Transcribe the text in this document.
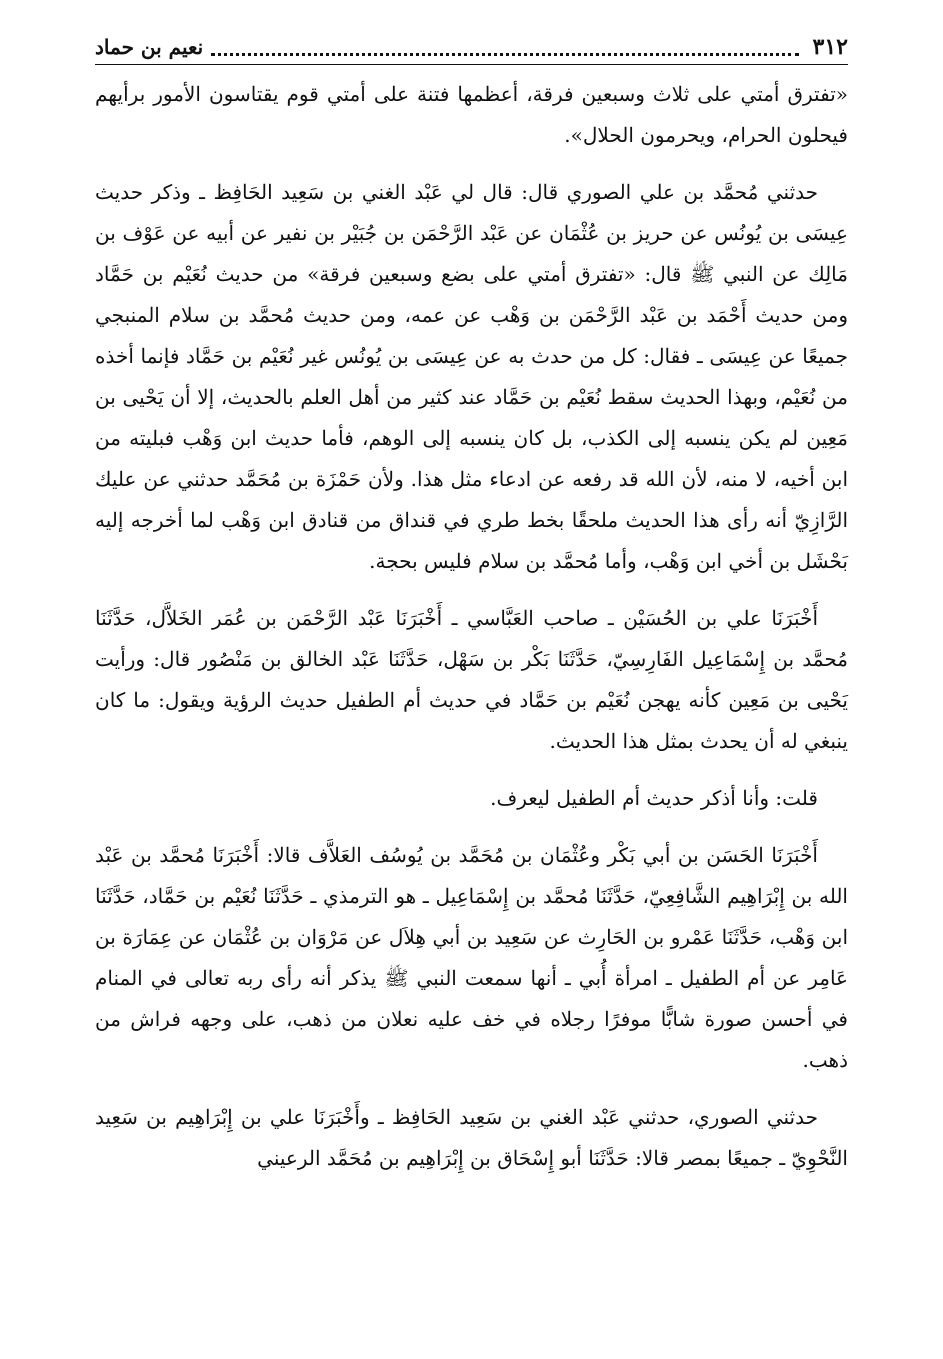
٣١٢
نعيم بن حماد

«تفترق أمتي على ثلاث وسبعين فرقة، أعظمها فتنة على أمتي قوم يقتاسون الأمور برأيهم فيحلون الحرام، ويحرمون الحلال».

حدثني مُحمَّد بن علي الصوري قال: قال لي عَبْد الغني بن سَعِيد الحَافِظ ـ وذكر حديث عِيسَى بن يُونُس عن حريز بن عُثْمَان عن عَبْد الرَّحْمَن بن جُبَيْر بن نفير عن أبيه عن عَوْف بن مَالِك عن النبي ﷺ قال: «تفترق أمتي على بضع وسبعين فرقة» من حديث نُعَيْم بن حَمَّاد ومن حديث أَحْمَد بن عَبْد الرَّحْمَن بن وَهْب عن عمه، ومن حديث مُحمَّد بن سلام المنبجي جميعًا عن عِيسَى ـ فقال: كل من حدث به عن عِيسَى بن يُونُس غير نُعَيْم بن حَمَّاد فإنما أخذه من نُعَيْم، وبهذا الحديث سقط نُعَيْم بن حَمَّاد عند كثير من أهل العلم بالحديث، إلا أن يَحْيى بن مَعِين لم يكن ينسبه إلى الكذب، بل كان ينسبه إلى الوهم، فأما حديث ابن وَهْب فبليته من ابن أخيه، لا منه، لأن الله قد رفعه عن ادعاء مثل هذا. ولأن حَمْزَة بن مُحَمَّد حدثني عن عليك الرَّازِيّ أنه رأى هذا الحديث ملحقًا بخط طري في قنداق من قنادق ابن وَهْب لما أخرجه إليه بَحْشَل بن أخي ابن وَهْب، وأما مُحمَّد بن سلام فليس بحجة.

أَخْبَرَنَا علي بن الحُسَيْن ـ صاحب العَبَّاسي ـ أَخْبَرَنَا عَبْد الرَّحْمَن بن عُمَر الخَلاَّل، حَدَّثَنَا مُحمَّد بن إِسْمَاعِيل الفَارِسِيّ، حَدَّثَنَا بَكْر بن سَهْل، حَدَّثَنَا عَبْد الخالق بن مَنْصُور قال: ورأيت يَحْيى بن مَعِين كأنه يهجن نُعَيْم بن حَمَّاد في حديث أم الطفيل حديث الرؤية ويقول: ما كان ينبغي له أن يحدث بمثل هذا الحديث.

قلت: وأنا أذكر حديث أم الطفيل ليعرف.

أَخْبَرَنَا الحَسَن بن أبي بَكْر وعُثْمَان بن مُحَمَّد بن يُوسُف العَلاَّف قالا: أَخْبَرَنَا مُحمَّد بن عَبْد الله بن إِبْرَاهِيم الشَّافِعِيّ، حَدَّثَنَا مُحمَّد بن إِسْمَاعِيل ـ هو الترمذي ـ حَدَّثَنَا نُعَيْم بن حَمَّاد، حَدَّثَنَا ابن وَهْب، حَدَّثَنَا عَمْرو بن الحَارِث عن سَعِيد بن أبي هِلاَل عن مَرْوَان بن عُثْمَان عن عِمَارَة بن عَامِر عن أم الطفيل ـ امرأة أُبي ـ أنها سمعت النبي ﷺ يذكر أنه رأى ربه تعالى في المنام في أحسن صورة شابًّا موفرًا رجلاه في خف عليه نعلان من ذهب، على وجهه فراش من ذهب.

حدثني الصوري، حدثني عَبْد الغني بن سَعِيد الحَافِظ ـ وأَخْبَرَنَا علي بن إِبْرَاهِيم بن سَعِيد النَّحْوِيّ ـ جميعًا بمصر قالا: حَدَّثَنَا أبو إِسْحَاق بن إِبْرَاهِيم بن مُحَمَّد الرعيني
